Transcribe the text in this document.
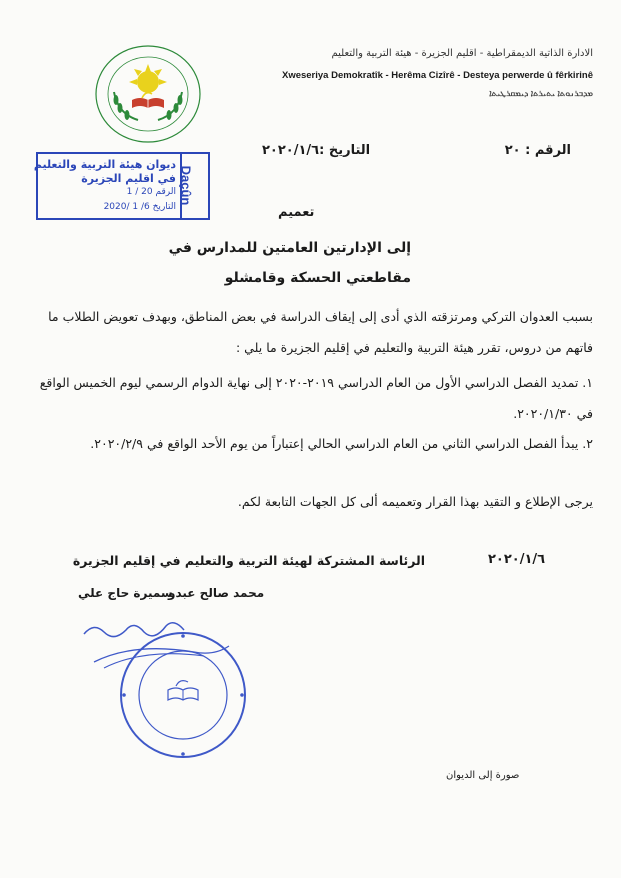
الادارة الذاتية الديمقراطية - اقليم الجزيرة - هيئة التربية والتعليم
Xweseriya Demokratîk - Herêma Cizîrê - Desteya perwerde û fêrkirinê
ܡܕܒܪܢܘܬܐ ܝܬܝܪܬܐ ܕܝܡܩܪܛܝܬܐ
الرقم : ٢٠
التاريخ :٢٠٢٠/١/٦
Daçûn
ديوان هيئة التربية والتعليم
في اقليم الجزيرة
الرقم 20 / 1
التاريخ 6/ 1 /2020	تعميم
إلى الإدارتين العامتين للمدارس في
مقاطعتي الحسكة وقامشلو
بسبب العدوان التركي ومرتزقته الذي أدى إلى إيقاف الدراسة في بعض المناطق، وبهدف تعويض الطلاب ما فاتهم من دروس، تقرر هيئة التربية والتعليم في إقليم الجزيرة ما يلي :
١. تمديد الفصل الدراسي الأول من العام الدراسي ٢٠١٩-٢٠٢٠ إلى نهاية الدوام الرسمي ليوم الخميس الواقع في ٢٠٢٠/١/٣٠.
٢. يبدأ الفصل الدراسي الثاني من العام الدراسي الحالي إعتباراً من يوم الأحد الواقع في ٢٠٢٠/٢/٩.
يرجى الإطلاع و التقيد بهذا القرار وتعميمه ألى كل الجهات التابعة لكم.
٢٠٢٠/١/٦
الرئاسة المشتركة لهيئة التربية والتعليم في إقليم الجزيرة
سميرة حاج علي
محمد صالح عبدو
صورة إلى الديوان
